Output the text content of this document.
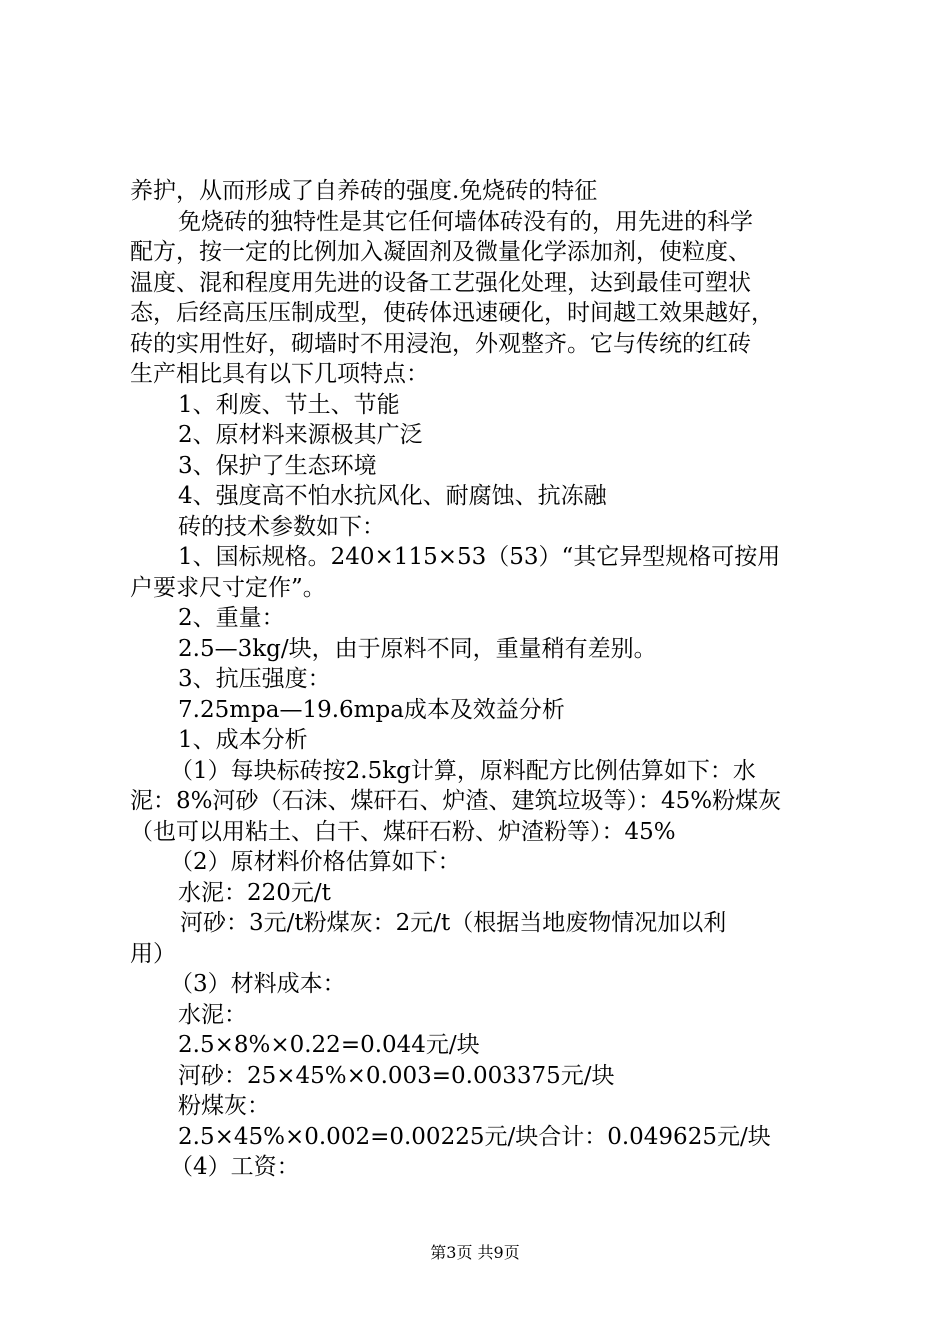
养护，从而形成了自养砖的强度.免烧砖的特征
免烧砖的独特性是其它任何墙体砖没有的，用先进的科学
配方，按一定的比例加入凝固剂及微量化学添加剂，使粒度、
温度、混和程度用先进的设备工艺强化处理，达到最佳可塑状
态，后经高压压制成型，使砖体迅速硬化，时间越工效果越好，
砖的实用性好，砌墙时不用浸泡，外观整齐。它与传统的红砖
生产相比具有以下几项特点：
1、利废、节土、节能
2、原材料来源极其广泛
3、保护了生态环境
4、强度高不怕水抗风化、耐腐蚀、抗冻融
砖的技术参数如下：
1、国标规格。240×115×53（53）“其它异型规格可按用
户要求尺寸定作”。
2、重量：
2.5—3kg/块，由于原料不同，重量稍有差别。
3、抗压强度：
7.25mpa—19.6mpa成本及效益分析
1、成本分析
（1）每块标砖按2.5kg计算，原料配方比例估算如下：水
泥：8%河砂（石沫、煤矸石、炉渣、建筑垃圾等）：45%粉煤灰
（也可以用粘土、白干、煤矸石粉、炉渣粉等）：45%
（2）原材料价格估算如下：
水泥：220元/t
河砂：3元/t粉煤灰：2元/t（根据当地废物情况加以利
用）
（3）材料成本：
水泥：
2.5×8%×0.22=0.044元/块
河砂：25×45%×0.003=0.003375元/块
粉煤灰：
2.5×45%×0.002=0.00225元/块合计：0.049625元/块
（4）工资：
第3页 共9页
